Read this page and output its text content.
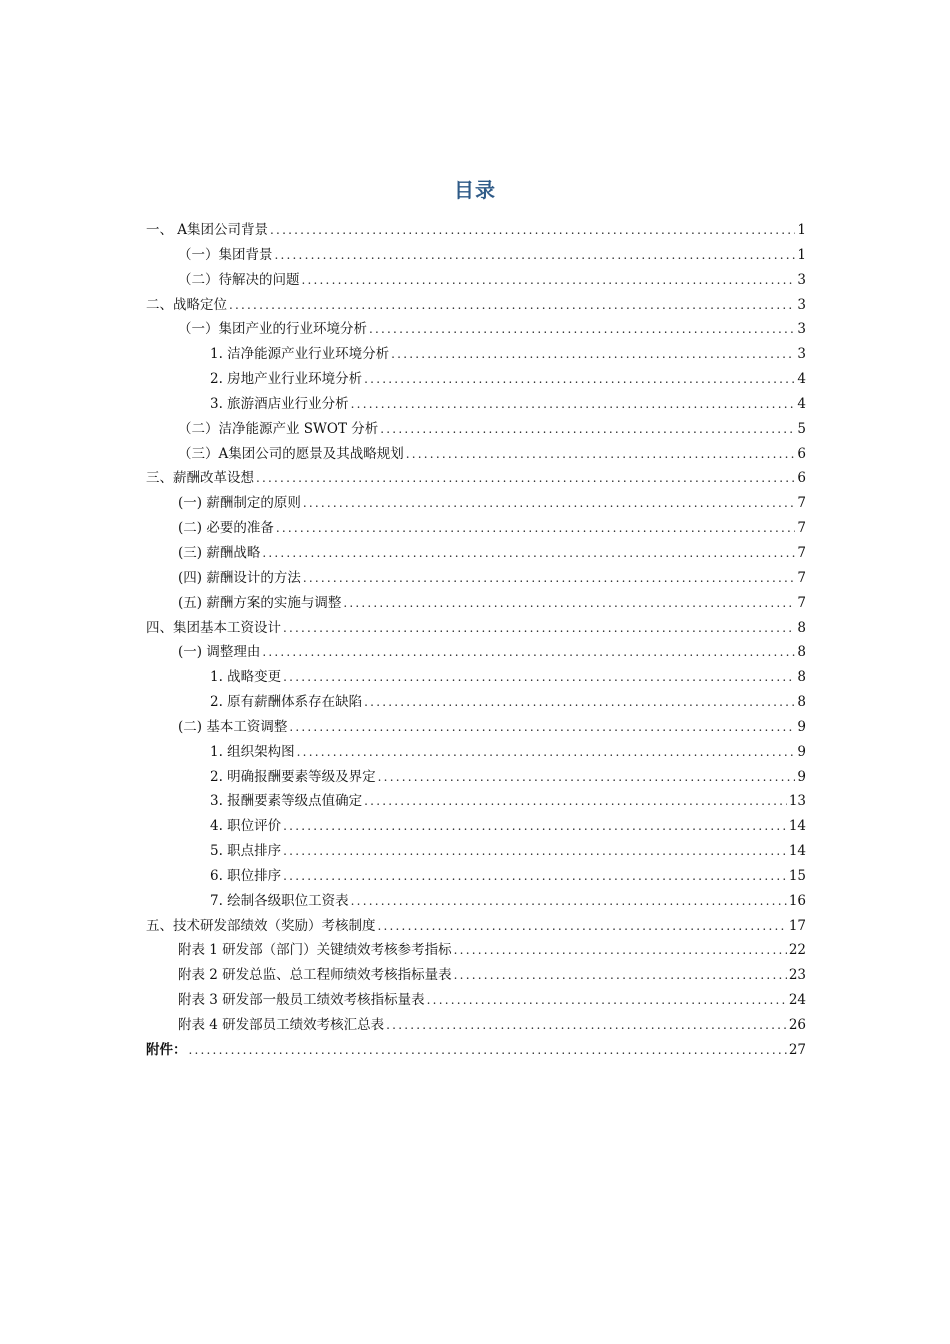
目录
一、 A集团公司背景 .....	1
（一）集团背景 .....	1
（二）待解决的问题 .....	3
二、战略定位 .....	3
（一）集团产业的行业环境分析 .....	3
1. 洁净能源产业行业环境分析 .....	3
2. 房地产业行业环境分析 .....	4
3. 旅游酒店业行业分析 .....	4
（二）洁净能源产业 SWOT 分析 .....	5
（三）A集团公司的愿景及其战略规划 .....	6
三、薪酬改革设想 .....	6
(一) 薪酬制定的原则 .....	7
(二) 必要的准备 .....	7
(三) 薪酬战略 .....	7
(四) 薪酬设计的方法 .....	7
(五) 薪酬方案的实施与调整 .....	7
四、集团基本工资设计 .....	8
(一) 调整理由 .....	8
1. 战略变更 .....	8
2. 原有薪酬体系存在缺陷 .....	8
(二) 基本工资调整 .....	9
1. 组织架构图 .....	9
2. 明确报酬要素等级及界定 .....	9
3. 报酬要素等级点值确定 .....	13
4. 职位评价 .....	14
5. 职点排序 .....	14
6. 职位排序 .....	15
7. 绘制各级职位工资表 .....	16
五、技术研发部绩效（奖励）考核制度 .....	17
附表 1 研发部（部门）关键绩效考核参考指标 .....	22
附表 2 研发总监、总工程师绩效考核指标量表 .....	23
附表 3 研发部一般员工绩效考核指标量表 .....	24
附表 4 研发部员工绩效考核汇总表 .....	26
附件： .....	27
